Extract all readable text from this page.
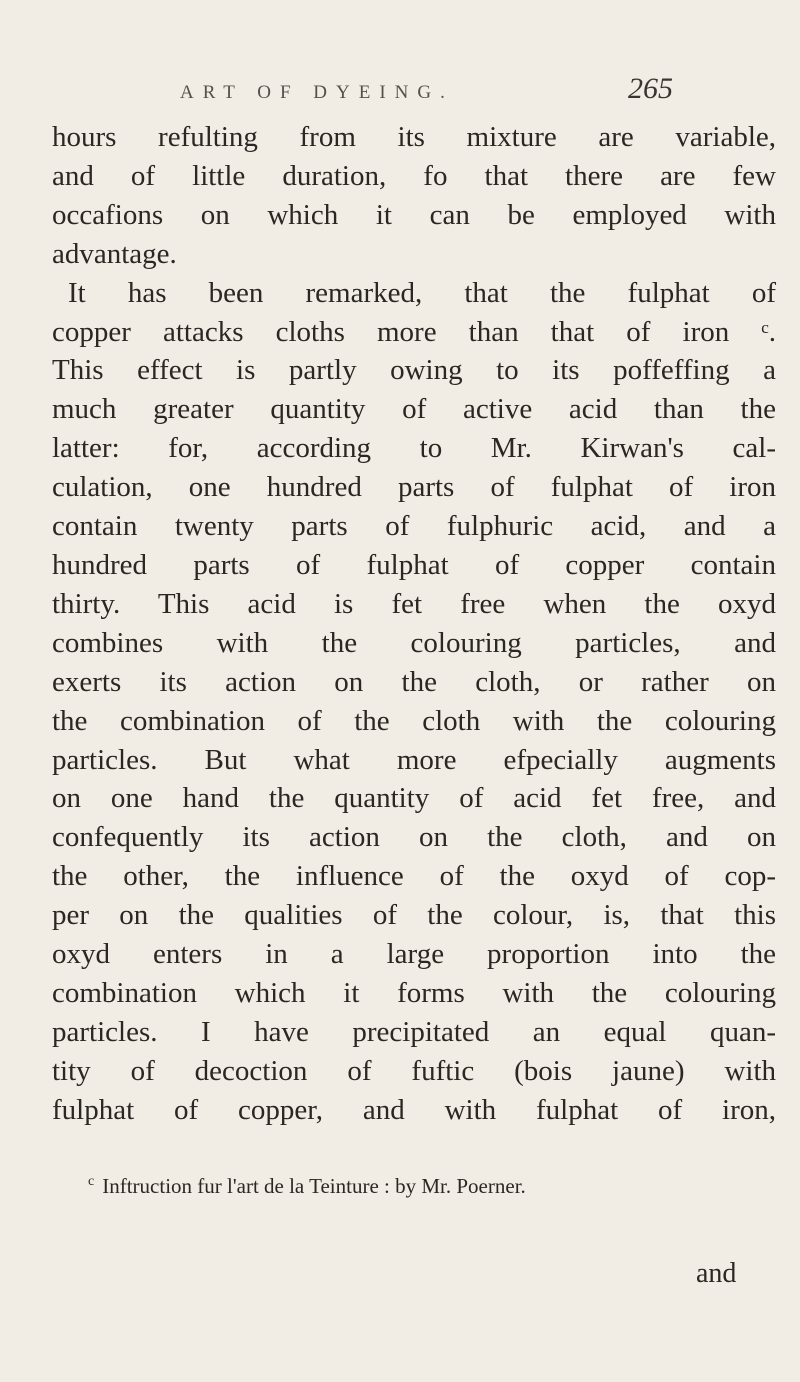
ART OF DYEING.	265
hours refulting from its mixture are variable,
and of little duration, fo that there are few
occafions on which it can be employed with
advantage.
It has been remarked, that the fulphat of
copper attacks cloths more than that of iron ᶜ.
This effect is partly owing to its poffeffing a
much greater quantity of active acid than the
latter: for, according to Mr. Kirwan's cal-
culation, one hundred parts of fulphat of iron
contain twenty parts of fulphuric acid, and a
hundred parts of fulphat of copper contain
thirty. This acid is fet free when the oxyd
combines with the colouring particles, and
exerts its action on the cloth, or rather on
the combination of the cloth with the colouring
particles. But what more efpecially augments
on one hand the quantity of acid fet free, and
confequently its action on the cloth, and on
the other, the influence of the oxyd of cop-
per on the qualities of the colour, is, that this
oxyd enters in a large proportion into the
combination which it forms with the colouring
particles. I have precipitated an equal quan-
tity of decoction of fuftic (bois jaune) with
fulphat of copper, and with fulphat of iron,
$^c$ Inftruction fur l'art de la Teinture : by Mr. Poerner.
and
